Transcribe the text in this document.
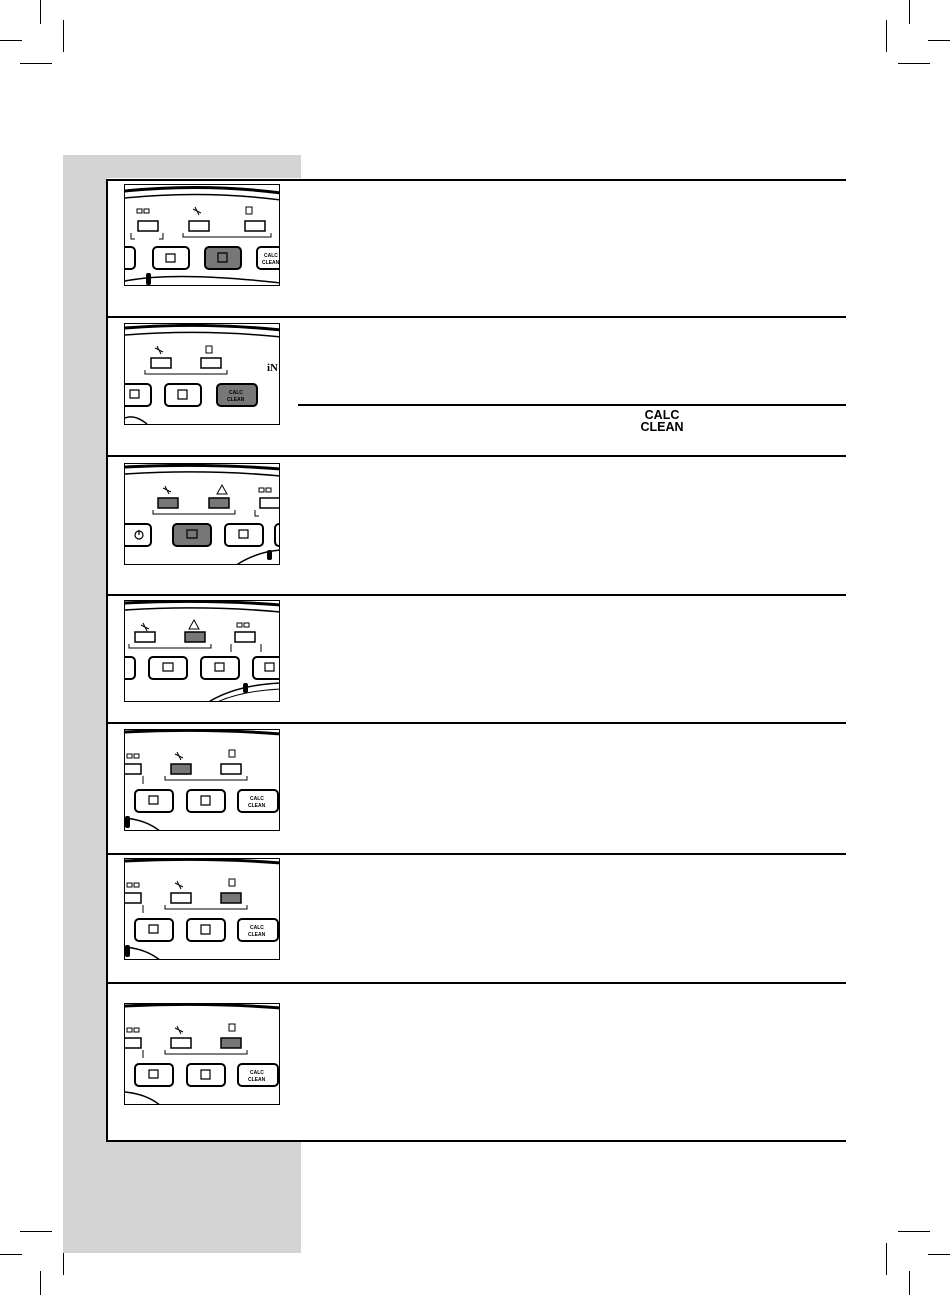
CALC
CLEAN
CALC
CLEAN
iN
CALC
CLEAN
CALC
CLEAN
CALC
CLEAN
CALC
CLEAN
